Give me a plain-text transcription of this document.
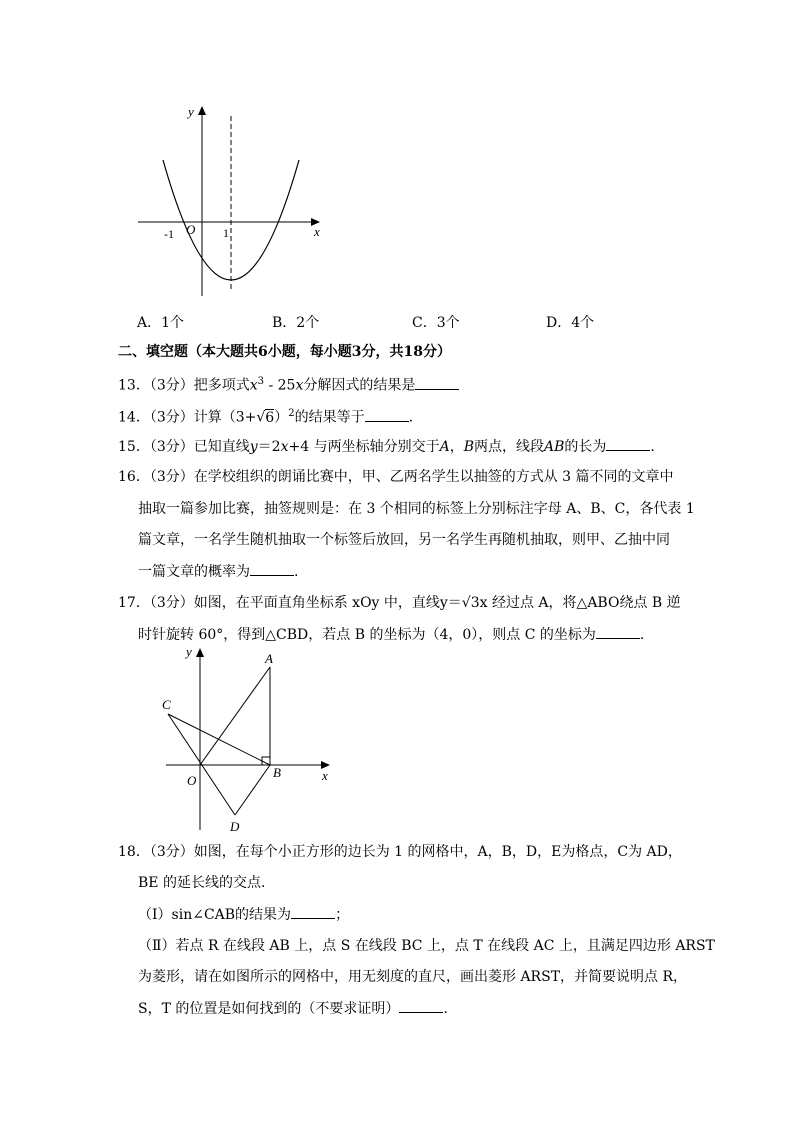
y
x
O
-1	1
A．1个	B．2个	C．3个	D．4个
二、填空题（本大题共6小题，每小题3分，共18分）
13．（3分）把多项式$x^3 - 25x$分解因式的结果是
14．（3分）计算$(3+√6)^2$的结果等于	.
15．（3分）已知直线y＝2x+4 与两坐标轴分别交于A，B两点，线段AB的长为	.
16．（3分）在学校组织的朗诵比赛中，甲、乙两名学生以抽签的方式从 3 篇不同的文章中
抽取一篇参加比赛，抽签规则是：在 3 个相同的标签上分别标注字母 A、B、C，各代表 1
篇文章，一名学生随机抽取一个标签后放回，另一名学生再随机抽取，则甲、乙抽中同
一篇文章的概率为	.
17．（3分）如图，在平面直角坐标系 xOy 中，直线y＝√3x 经过点 A，将△ABO绕点 B 逆
时针旋转 60°，得到△CBD，若点 B 的坐标为（4，0），则点 C 的坐标为	.
y
x
A
B
C
O
D
18．（3分）如图，在每个小正方形的边长为 1 的网格中，A，B，D，E为格点，C为 AD，
BE 的延长线的交点．
（Ⅰ）sin∠CAB的结果为	；
（Ⅱ）若点 R 在线段 AB 上，点 S 在线段 BC 上，点 T 在线段 AC 上，且满足四边形 ARST
为菱形，请在如图所示的网格中，用无刻度的直尺，画出菱形 ARST，并简要说明点 R，
S，T 的位置是如何找到的（不要求证明）	.
